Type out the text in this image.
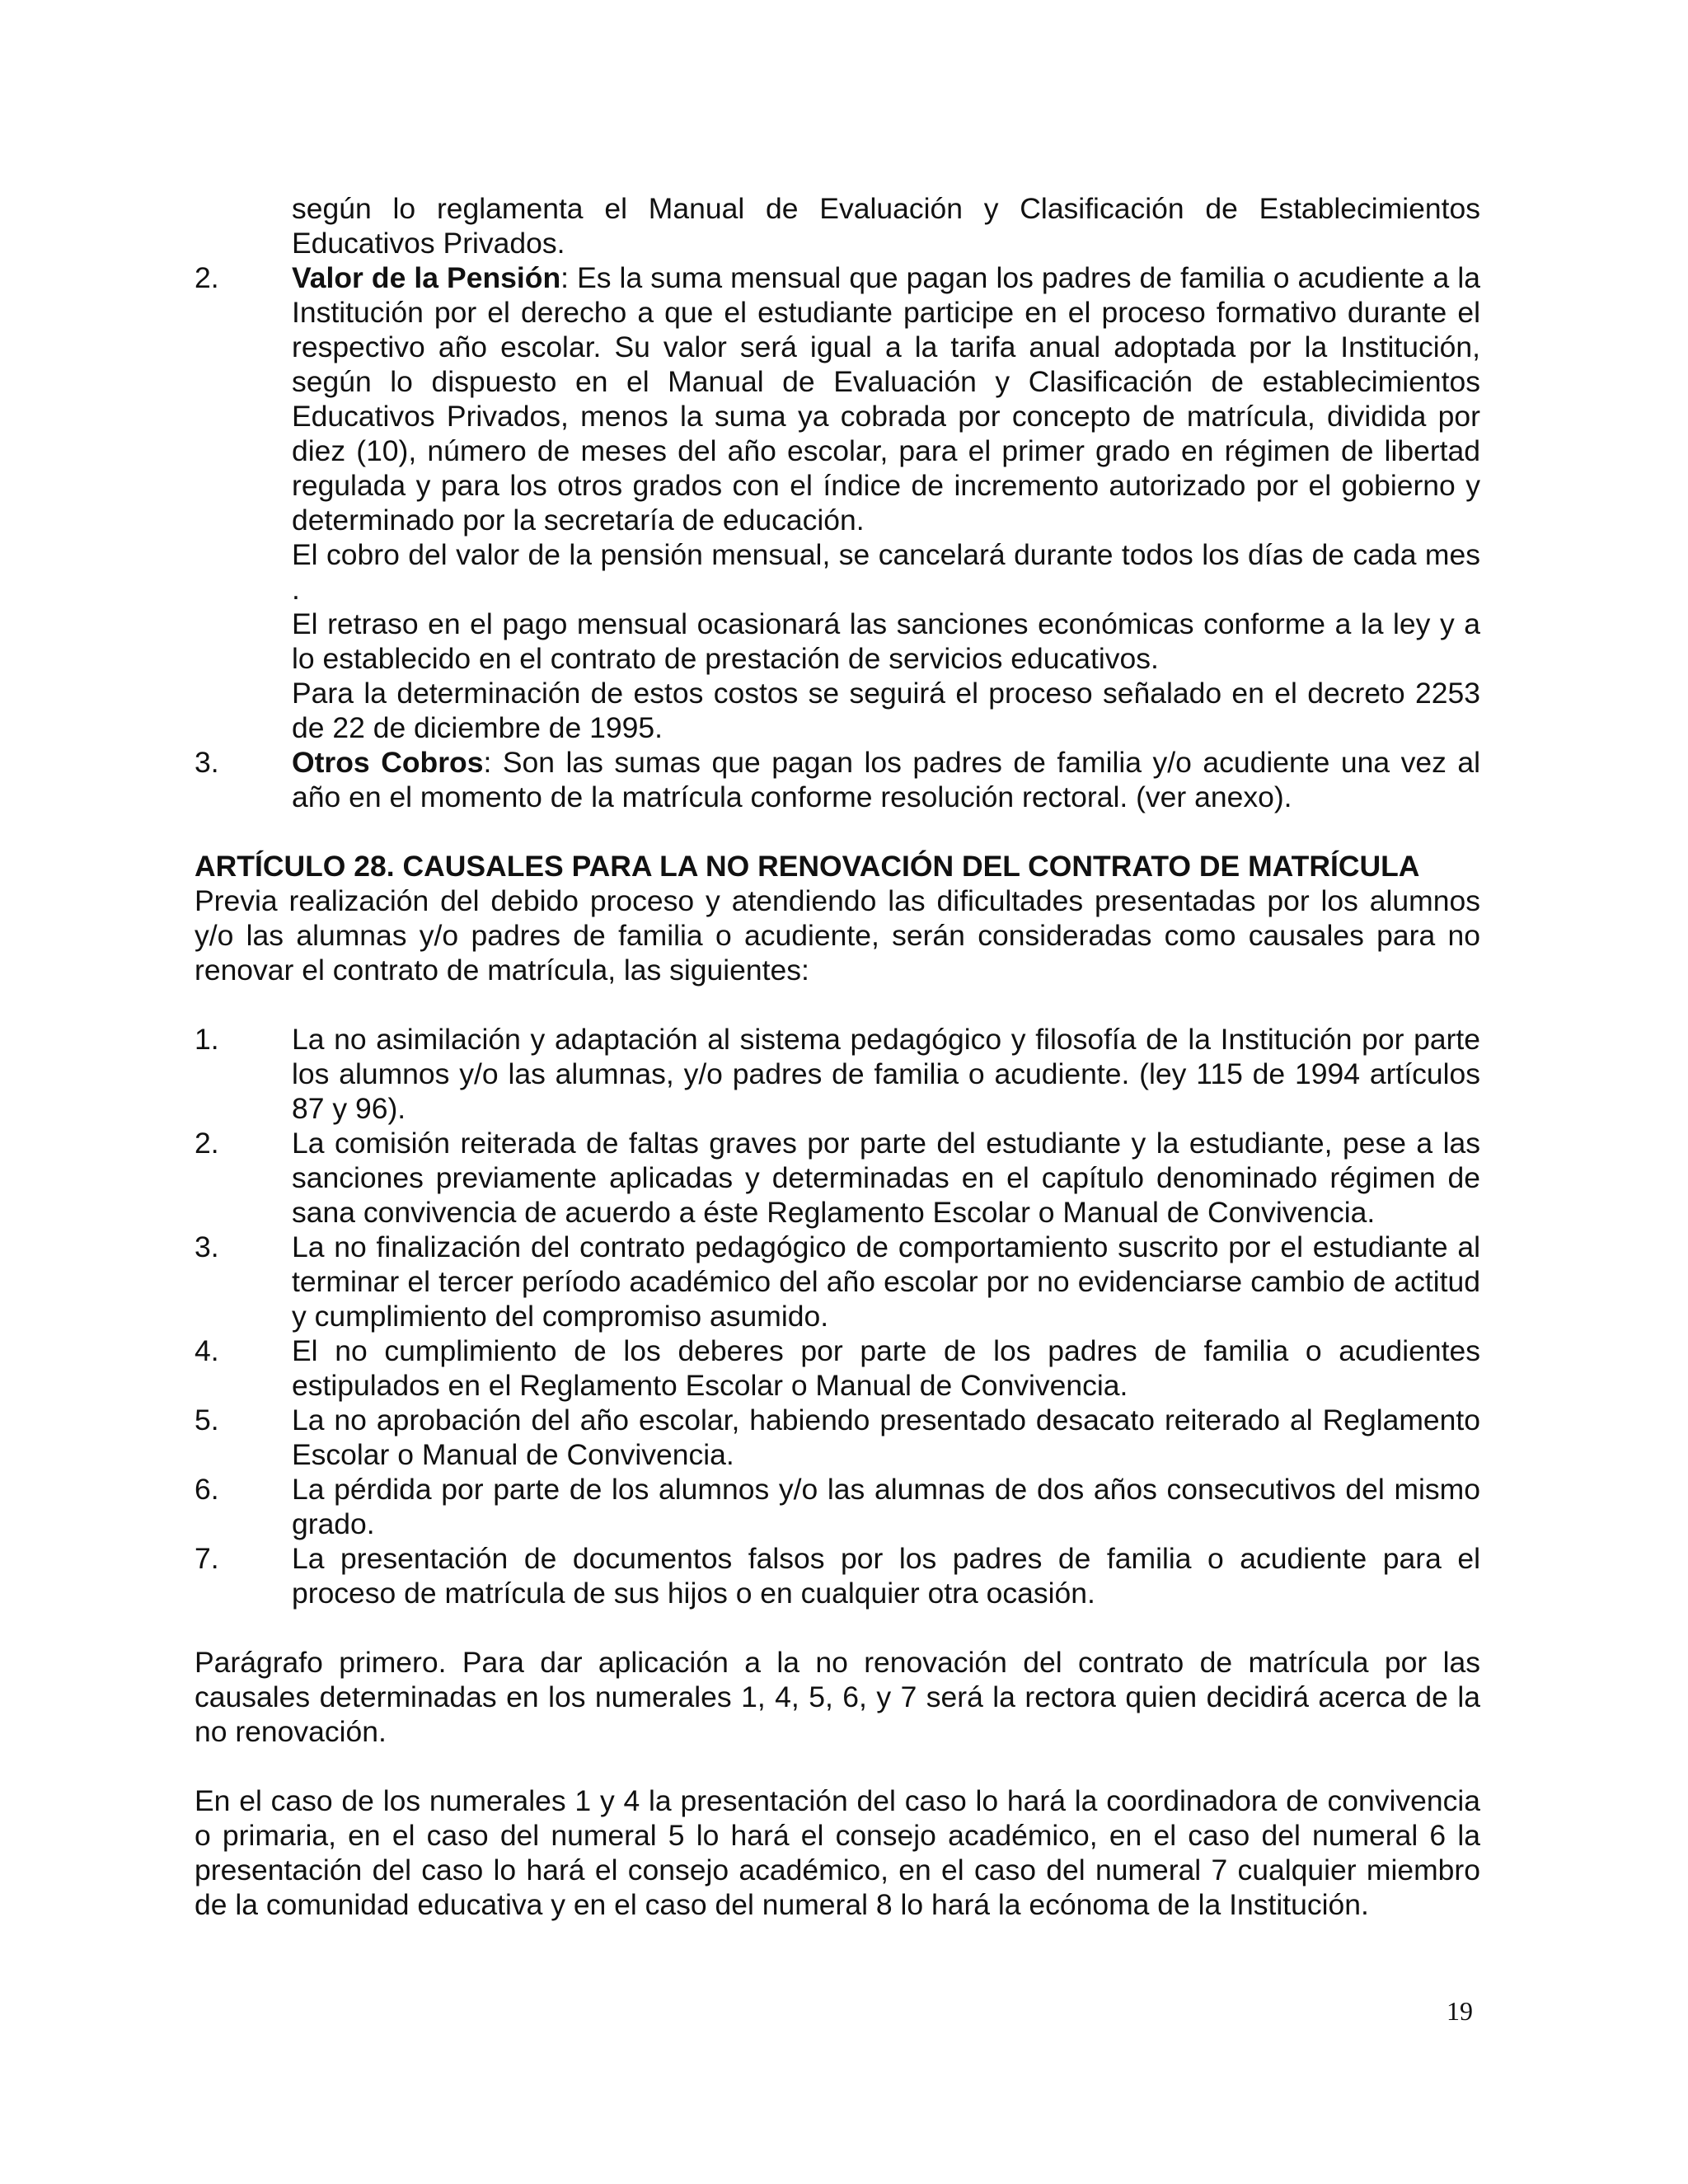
según lo reglamenta el Manual de Evaluación y Clasificación de Establecimientos Educativos Privados.

2. Valor de la Pensión: Es la suma mensual que pagan los padres de familia o acudiente a la Institución por el derecho a que el estudiante participe en el proceso formativo durante el respectivo año escolar. Su valor será igual a la tarifa anual adoptada por la Institución, según lo dispuesto en el Manual de Evaluación y Clasificación de establecimientos Educativos Privados, menos la suma ya cobrada por concepto de matrícula, dividida por diez (10), número de meses del año escolar, para el primer grado en régimen de libertad regulada y para los otros grados con el índice de incremento autorizado por el gobierno y determinado por la secretaría de educación.

El cobro del valor de la pensión mensual, se cancelará durante todos los días de cada mes .

El retraso en el pago mensual ocasionará las sanciones económicas conforme a la ley y a lo establecido en el contrato de prestación de servicios educativos.

Para la determinación de estos costos se seguirá el proceso señalado en el decreto 2253 de 22 de diciembre de 1995.

3. Otros Cobros: Son las sumas que pagan los padres de familia y/o acudiente una vez al año en el momento de la matrícula conforme resolución rectoral. (ver anexo).

ARTÍCULO 28. CAUSALES PARA LA NO RENOVACIÓN DEL CONTRATO DE MATRÍCULA

Previa realización del debido proceso y atendiendo las dificultades presentadas por los alumnos y/o las alumnas y/o padres de familia o acudiente, serán consideradas como causales para no renovar el contrato de matrícula, las siguientes:

1. La no asimilación y adaptación al sistema pedagógico y filosofía de la Institución por parte los alumnos y/o las alumnas, y/o padres de familia o acudiente. (ley 115 de 1994 artículos 87 y 96).

2. La comisión reiterada de faltas graves por parte del estudiante y la estudiante, pese a las sanciones previamente aplicadas y determinadas en el capítulo denominado régimen de sana convivencia de acuerdo a éste Reglamento Escolar o Manual de Convivencia.

3. La no finalización del contrato pedagógico de comportamiento suscrito por el estudiante al terminar el tercer período académico del año escolar por no evidenciarse cambio de actitud y cumplimiento del compromiso asumido.

4. El no cumplimiento de los deberes por parte de los padres de familia o acudientes estipulados en el Reglamento Escolar o Manual de Convivencia.

5. La no aprobación del año escolar, habiendo presentado desacato reiterado al Reglamento Escolar o Manual de Convivencia.

6. La pérdida por parte de los alumnos y/o las alumnas de dos años consecutivos del mismo grado.

7. La presentación de documentos falsos por los padres de familia o acudiente para el proceso de matrícula de sus hijos o en cualquier otra ocasión.

Parágrafo primero. Para dar aplicación a la no renovación del contrato de matrícula por las causales determinadas en los numerales 1, 4, 5, 6, y 7 será la rectora quien decidirá acerca de la no renovación.

En el caso de los numerales 1 y 4 la presentación del caso lo hará la coordinadora de convivencia o primaria, en el caso del numeral 5 lo hará el consejo académico, en el caso del numeral 6 la presentación del caso lo hará el consejo académico, en el caso del numeral 7 cualquier miembro de la comunidad educativa y en el caso del numeral 8 lo hará la ecónoma de la Institución.

19
